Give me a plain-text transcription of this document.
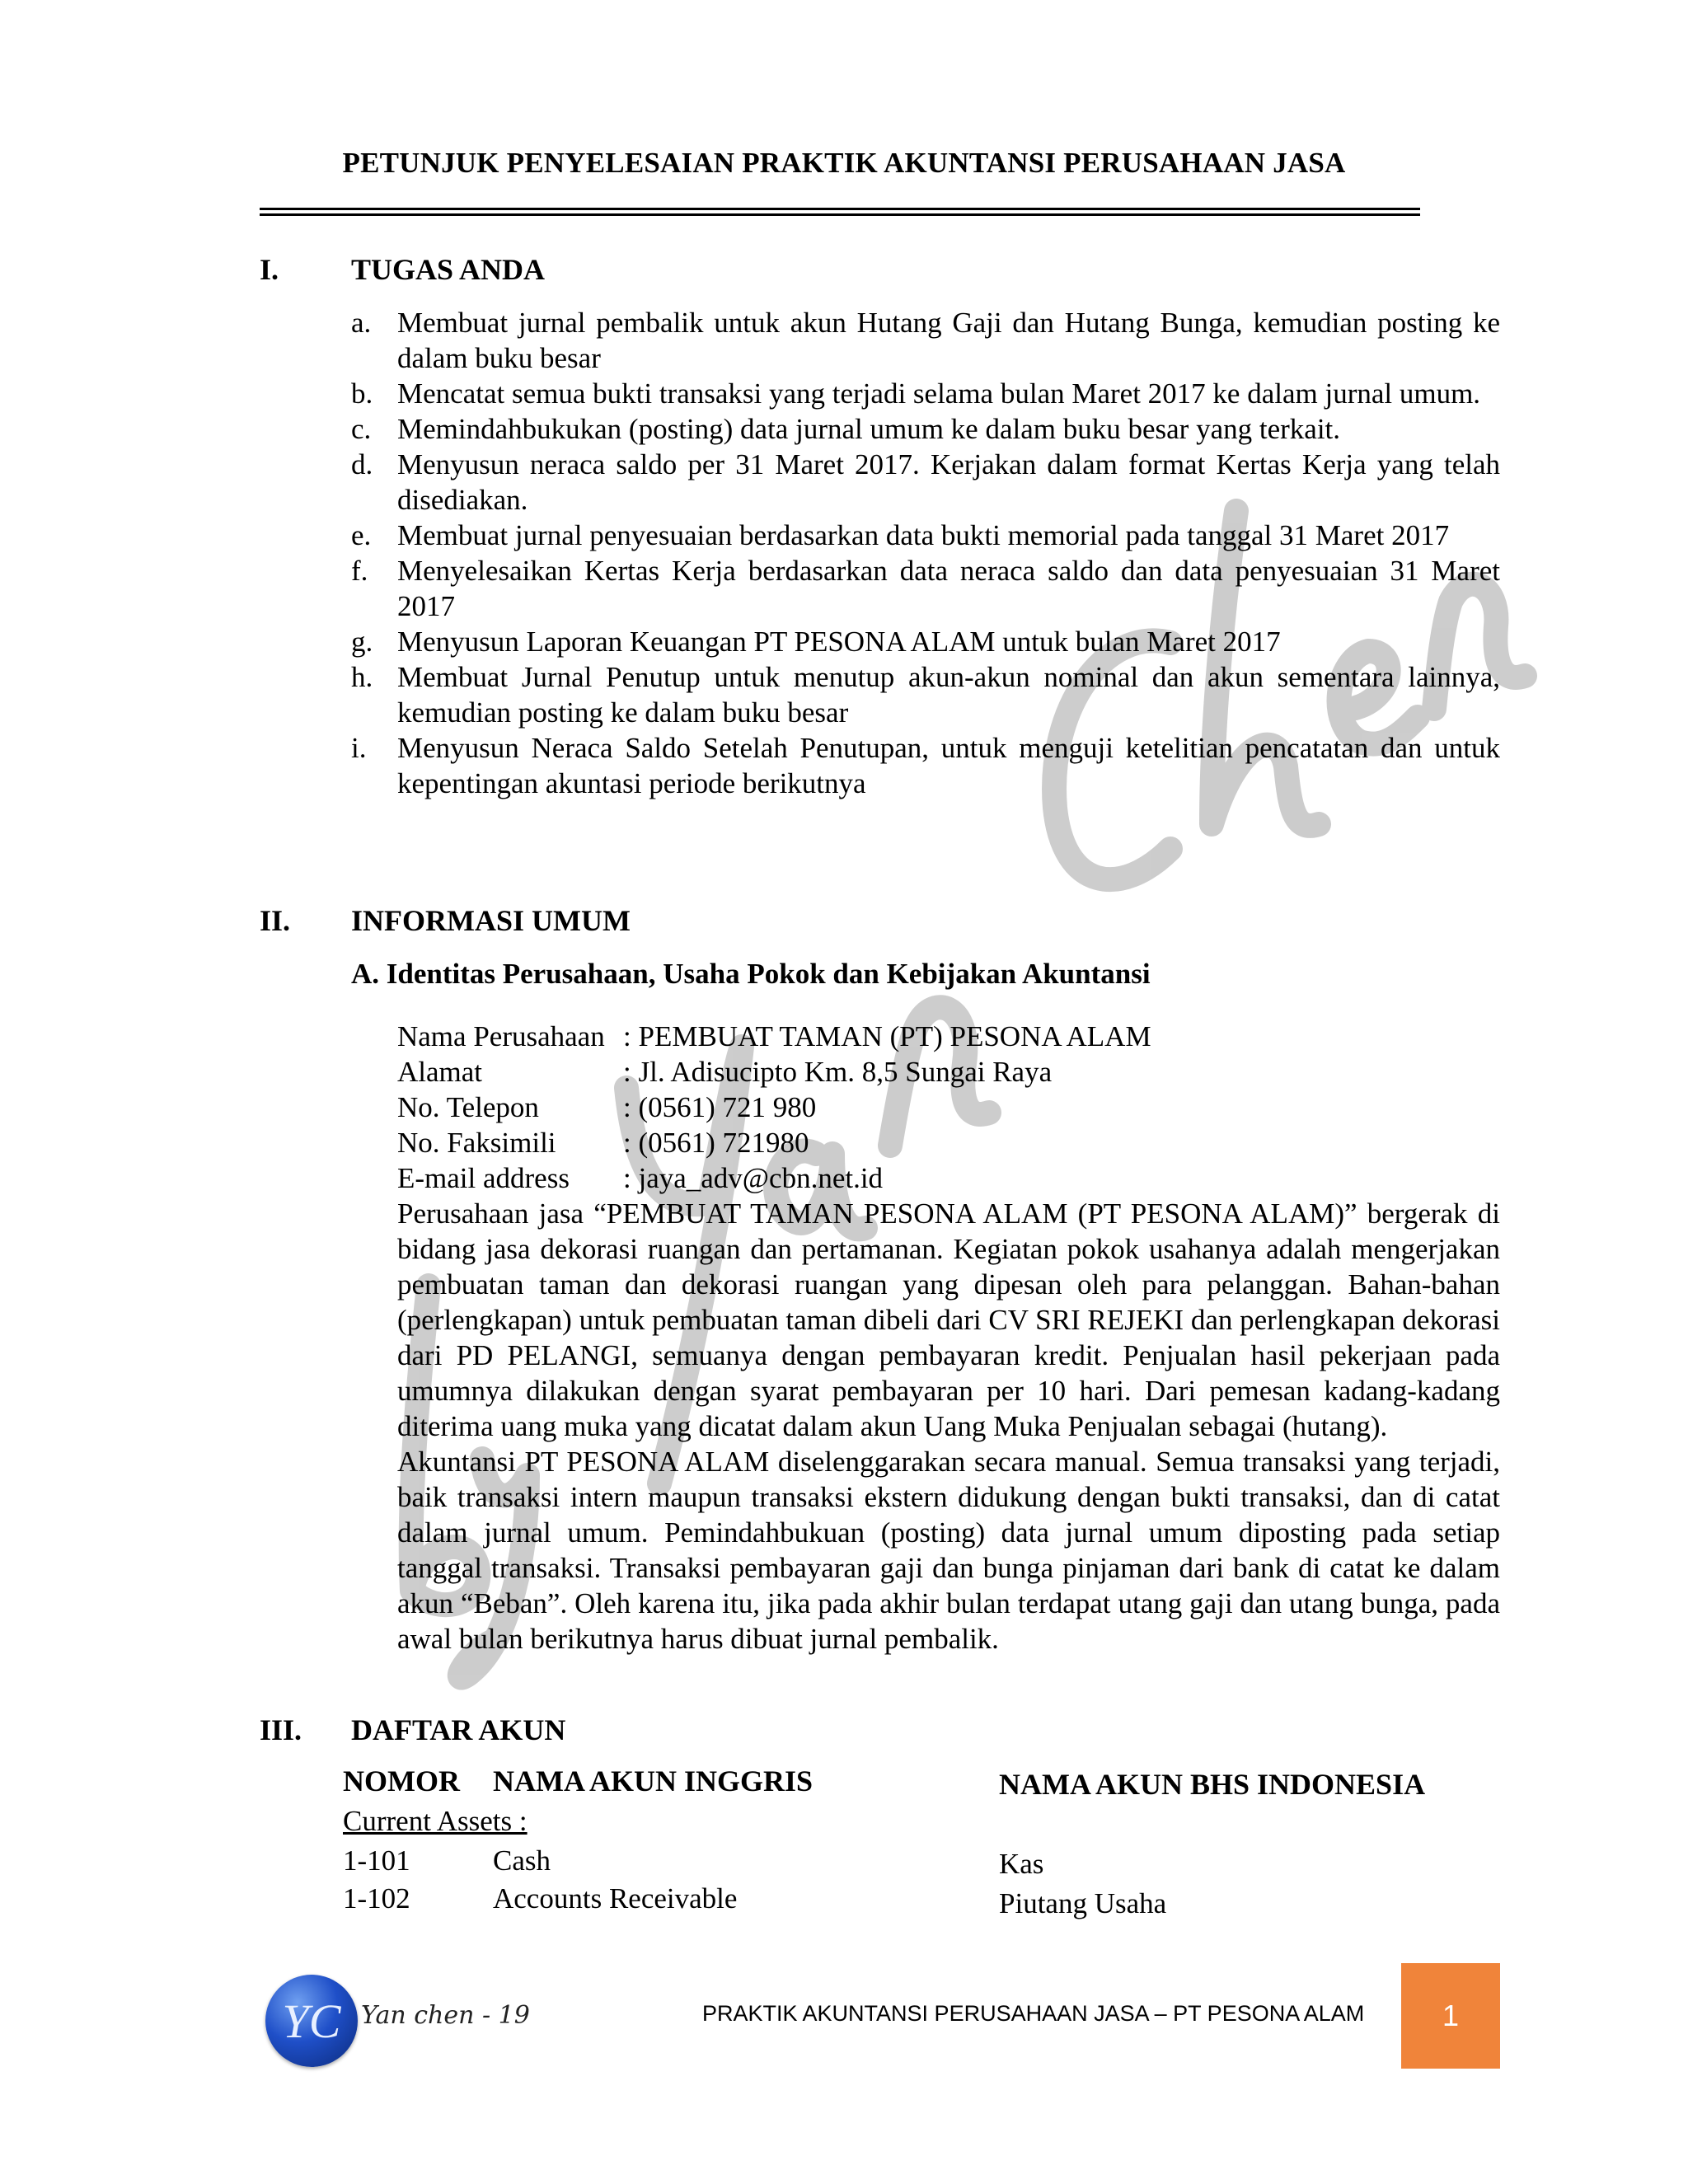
PETUNJUK PENYELESAIAN PRAKTIK AKUNTANSI PERUSAHAAN JASA
I. TUGAS ANDA
a. Membuat jurnal pembalik untuk akun Hutang Gaji dan Hutang Bunga, kemudian posting ke dalam buku besar
b. Mencatat semua bukti transaksi yang terjadi selama bulan Maret 2017 ke dalam jurnal umum.
c. Memindahbukukan (posting) data jurnal umum ke dalam buku besar yang terkait.
d. Menyusun neraca saldo per 31 Maret 2017. Kerjakan dalam format Kertas Kerja yang telah disediakan.
e. Membuat jurnal penyesuaian berdasarkan data bukti memorial pada tanggal 31 Maret 2017
f.	Menyelesaikan Kertas Kerja berdasarkan data neraca saldo dan data penyesuaian 31 Maret 2017
g. Menyusun Laporan Keuangan PT PESONA ALAM untuk bulan Maret 2017
h. Membuat Jurnal Penutup untuk menutup akun-akun nominal dan akun sementara lainnya, kemudian posting ke dalam buku besar
i.	Menyusun Neraca Saldo Setelah Penutupan, untuk menguji ketelitian pencatatan dan untuk kepentingan akuntasi periode berikutnya
II. INFORMASI UMUM
A. Identitas Perusahaan, Usaha Pokok dan Kebijakan Akuntansi
Nama Perusahaan : PEMBUAT TAMAN (PT) PESONA ALAM
Alamat	: Jl. Adisucipto Km. 8,5 Sungai Raya
No. Telepon	: (0561) 721 980
No. Faksimili	: (0561) 721980
E-mail address	: jaya_adv@cbn.net.id
Perusahaan jasa “PEMBUAT TAMAN PESONA ALAM (PT PESONA ALAM)” bergerak di bidang jasa dekorasi ruangan dan pertamanan. Kegiatan pokok usahanya adalah mengerjakan pembuatan taman dan dekorasi ruangan yang dipesan oleh para pelanggan. Bahan-bahan (perlengkapan) untuk pembuatan taman dibeli dari CV SRI REJEKI dan perlengkapan dekorasi dari PD PELANGI, semuanya dengan pembayaran kredit. Penjualan hasil pekerjaan pada umumnya dilakukan dengan syarat pembayaran per 10 hari. Dari pemesan kadang-kadang diterima uang muka yang dicatat dalam akun Uang Muka Penjualan sebagai (hutang).
Akuntansi PT PESONA ALAM diselenggarakan secara manual. Semua transaksi yang terjadi, baik transaksi intern maupun transaksi ekstern didukung dengan bukti transaksi, dan di catat dalam jurnal umum. Pemindahbukuan (posting) data jurnal umum diposting pada setiap tanggal transaksi. Transaksi pembayaran gaji dan bunga pinjaman dari bank di catat ke dalam akun “Beban”. Oleh karena itu, jika pada akhir bulan terdapat utang gaji dan utang bunga, pada awal bulan berikutnya harus dibuat jurnal pembalik.
III. DAFTAR AKUN
NOMOR NAMA AKUN INGGRIS	NAMA AKUN BHS INDONESIA
Current Assets :
1-101	Cash	Kas
1-102	Accounts Receivable	Piutang Usaha
YC Yan chen - 19	PRAKTIK AKUNTANSI PERUSAHAAN JASA – PT PESONA ALAM	1
